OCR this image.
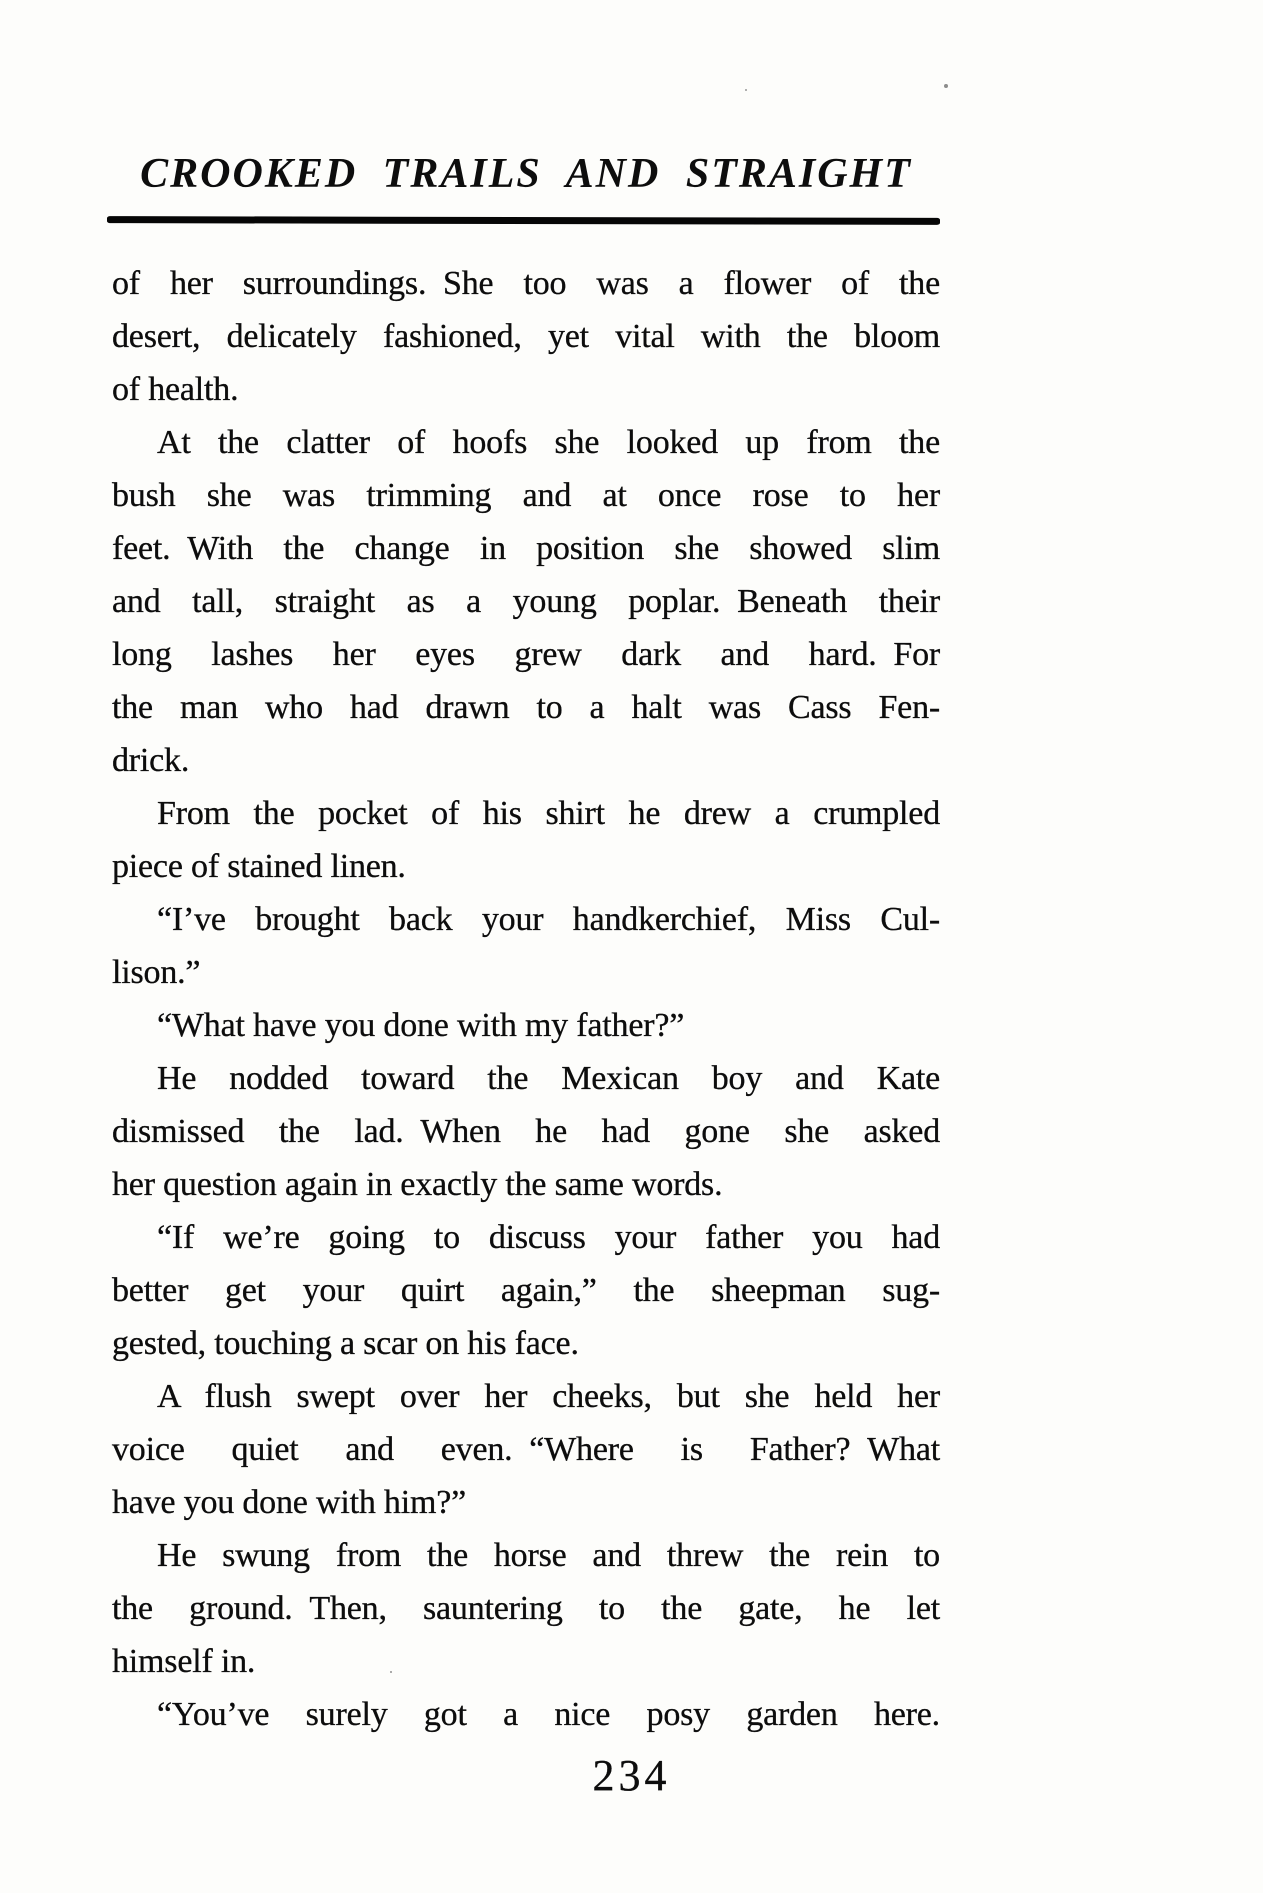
CROOKED TRAILS AND STRAIGHT
of her surroundings. She too was a flower of the
desert, delicately fashioned, yet vital with the bloom
of health.
At the clatter of hoofs she looked up from the
bush she was trimming and at once rose to her
feet. With the change in position she showed slim
and tall, straight as a young poplar. Beneath their
long lashes her eyes grew dark and hard. For
the man who had drawn to a halt was Cass Fen-
drick.
From the pocket of his shirt he drew a crumpled
piece of stained linen.
“I’ve brought back your handkerchief, Miss Cul-
lison.”
“What have you done with my father?”
He nodded toward the Mexican boy and Kate
dismissed the lad. When he had gone she asked
her question again in exactly the same words.
“If we’re going to discuss your father you had
better get your quirt again,” the sheepman sug-
gested, touching a scar on his face.
A flush swept over her cheeks, but she held her
voice quiet and even. “Where is Father? What
have you done with him?”
He swung from the horse and threw the rein to
the ground. Then, sauntering to the gate, he let
himself in.
“You’ve surely got a nice posy garden here.
234
